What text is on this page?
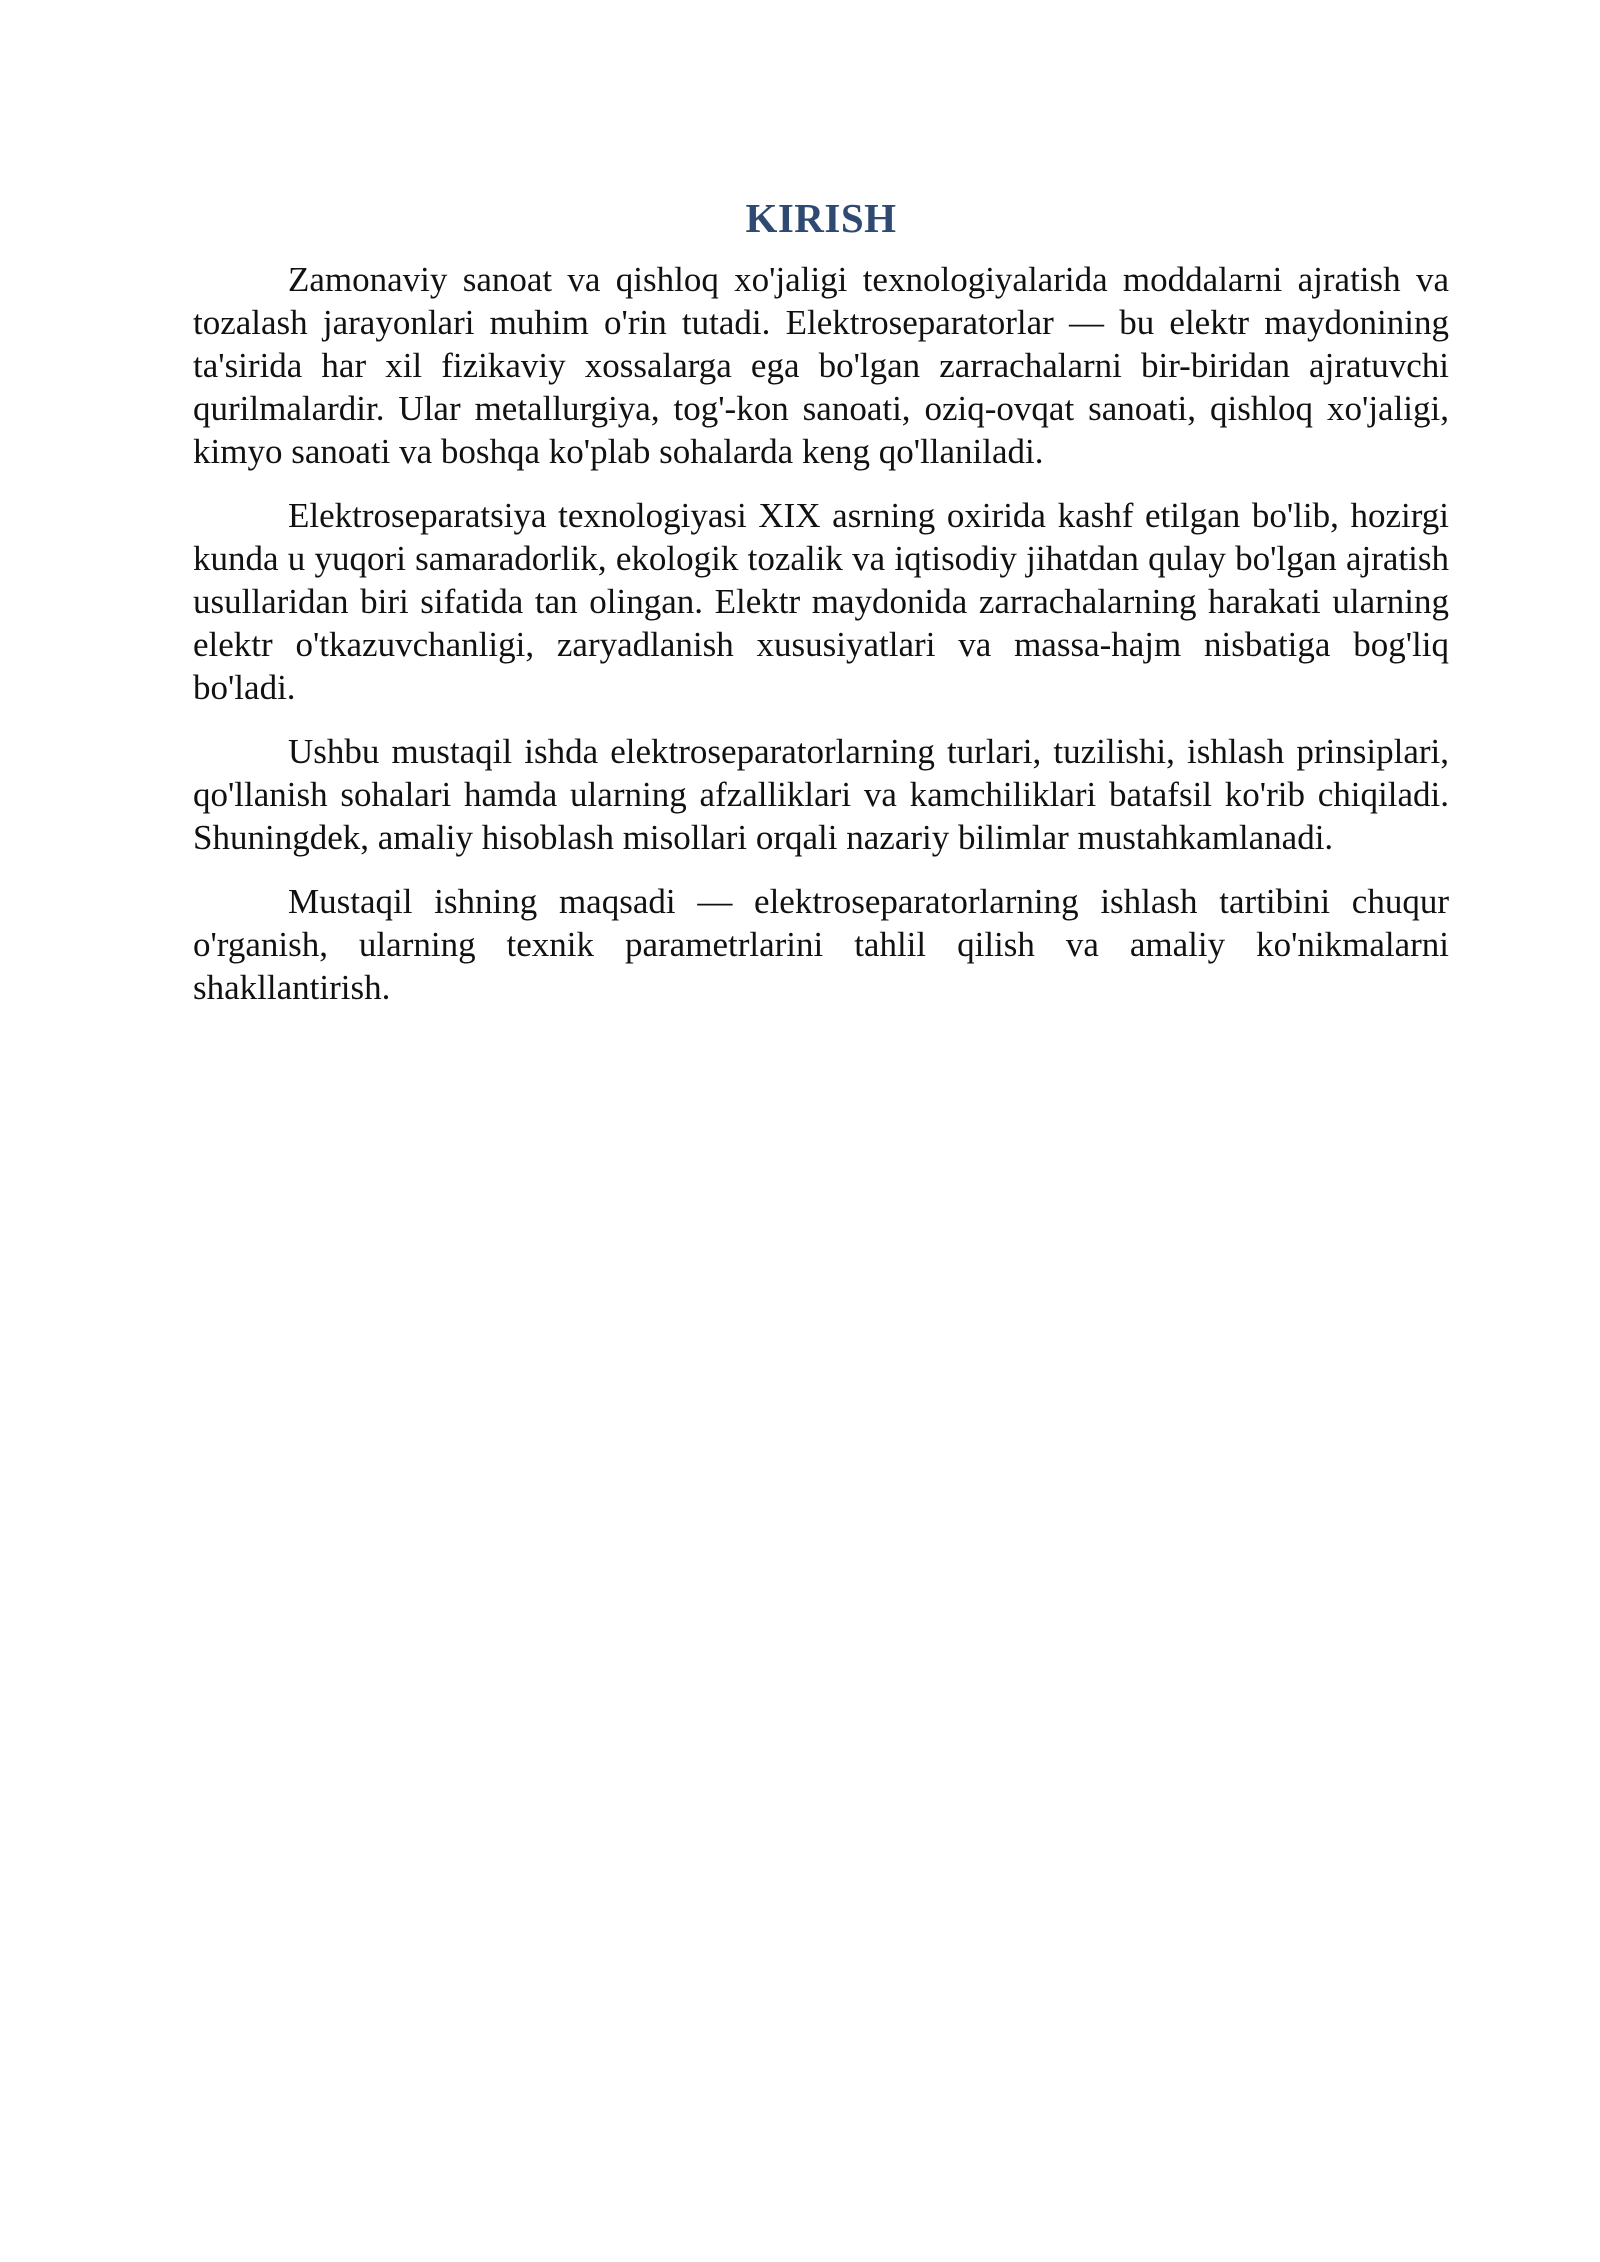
KIRISH

Zamonaviy sanoat va qishloq xo'jaligi texnologiyalarida moddalarni ajratish va tozalash jarayonlari muhim o'rin tutadi. Elektroseparatorlar — bu elektr maydonining ta'sirida har xil fizikaviy xossalarga ega bo'lgan zarrachalarni bir-biridan ajratuvchi qurilmalardir. Ular metallurgiya, tog'-kon sanoati, oziq-ovqat sanoati, qishloq xo'jaligi, kimyo sanoati va boshqa ko'plab sohalarda keng qo'llaniladi.

Elektroseparatsiya texnologiyasi XIX asrning oxirida kashf etilgan bo'lib, hozirgi kunda u yuqori samaradorlik, ekologik tozalik va iqtisodiy jihatdan qulay bo'lgan ajratish usullaridan biri sifatida tan olingan. Elektr maydonida zarrachalarning harakati ularning elektr o'tkazuvchanligi, zaryadlanish xususiyatlari va massa-hajm nisbatiga bog'liq bo'ladi.

Ushbu mustaqil ishda elektroseparatorlarning turlari, tuzilishi, ishlash prinsiplari, qo'llanish sohalari hamda ularning afzalliklari va kamchiliklari batafsil ko'rib chiqiladi. Shuningdek, amaliy hisoblash misollari orqali nazariy bilimlar mustahkamlanadi.

Mustaqil ishning maqsadi — elektroseparatorlarning ishlash tartibini chuqur o'rganish, ularning texnik parametrlarini tahlil qilish va amaliy ko'nikmalarni shakllantirish.
